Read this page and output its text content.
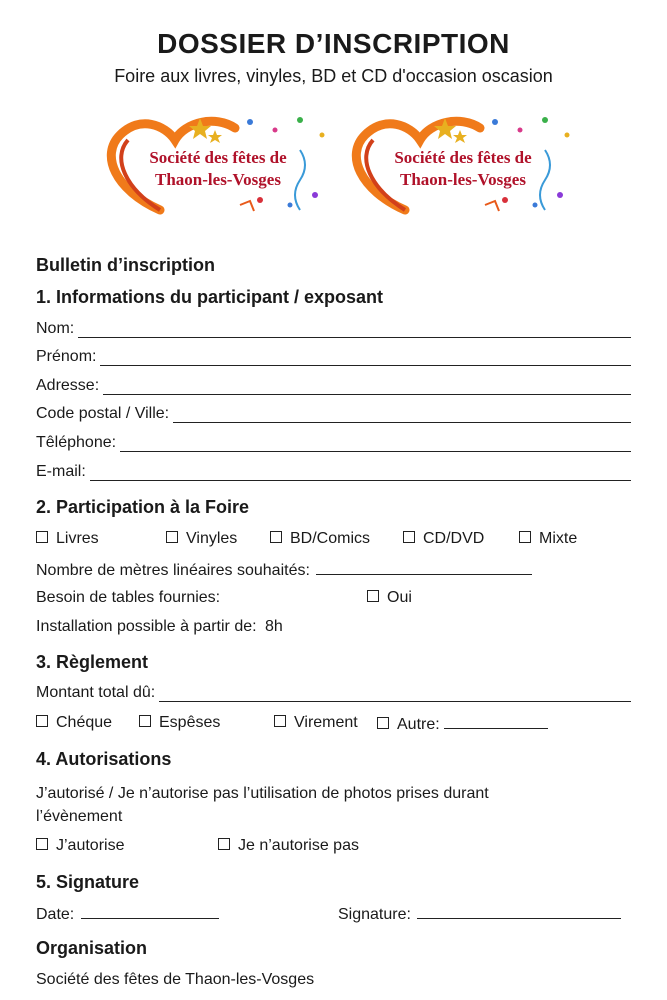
DOSSIER D’INSCRIPTION
Foire aux livres, vinyles, BD et CD d'occasion oscasion
Société des fêtes de
Thaon-les-Vosges
Société des fêtes de
Thaon-les-Vosges
Bulletin d’inscription
1. Informations du participant / exposant
Nom:
Prénom:
Adresse:
Code postal / Ville:
Têléphone:
E-mail:
2. Participation à la Foire
Livres	Vinyles	BD/Comics	CD/DVD	Mixte
Nombre de mètres linéaires souhaités:
Besoin de tables fournies:	Oui
Installation possible à partir de: 8h
3. Règlement
Montant total dû:
Chéque	Espêses	Virement	Autre:
4. Autorisations
J’autorisé / Je n’autorise pas l’utilisation de photos prises durant l’évènement
J’autorise	Je n’autorise pas
5. Signature
Date:	Signature:
Organisation
Société des fêtes de Thaon-les-Vosges
